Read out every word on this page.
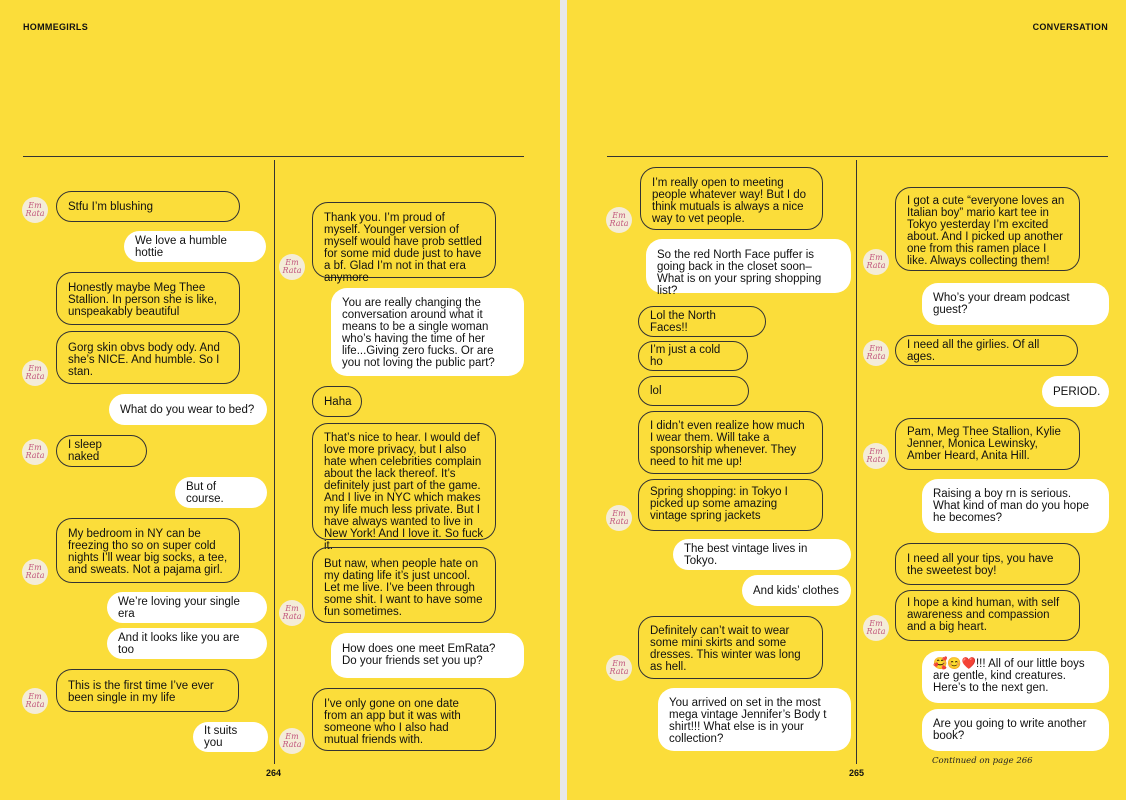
HOMMEGIRLS
Em
Rata
Stfu I’m blushing
We love a humble hottie
Honestly maybe Meg Thee Stallion. In person she is like, unspeakably beautiful
Em
Rata
Gorg skin obvs body ody. And she’s NICE. And humble. So I stan.
What do you wear to bed?
Em
Rata
I sleep naked
But of course.
Em
Rata
My bedroom in NY can be freezing tho so on super cold nights I’ll wear big socks, a tee, and sweats. Not a pajama girl.
We’re loving your single era
And it looks like you are too
Em
Rata
This is the first time I’ve ever been single in my life
It suits you
Em
Rata
Thank you. I’m proud of myself. Younger version of myself would have prob settled for some mid dude just to have a bf. Glad I’m not in that era anymore
You are really changing the conversation around what it means to be a single woman who’s having the time of her life...Giving zero fucks. Or are you not loving the public part?
Haha
That’s nice to hear. I would def love more privacy, but I also hate when celebrities complain about the lack thereof. It’s definitely just part of the game. And I live in NYC which makes my life much less private. But I have always wanted to live in New York! And I love it. So fuck it.
Em
Rata
But naw, when people hate on my dating life it’s just uncool. Let me live. I’ve been through some shit. I want to have some fun sometimes.
How does one meet EmRata? Do your friends set you up?
Em
Rata
I’ve only gone on one date from an app but it was with someone who I also had mutual friends with.
264
CONVERSATION
Em
Rata
I’m really open to meeting people whatever way! But I do think mutuals is always a nice way to vet people.
So the red North Face puffer is going back in the closet soon– What is on your spring shopping list?
Lol the North Faces!!
I’m just a cold ho
lol
I didn’t even realize how much I wear them. Will take a sponsorship whenever. They need to hit me up!
Em
Rata
Spring shopping: in Tokyo I picked up some amazing vintage spring jackets
The best vintage lives in Tokyo.
And kids’ clothes
Em
Rata
Definitely can’t wait to wear some mini skirts and some dresses. This winter was long as hell.
You arrived on set in the most mega vintage Jennifer’s Body t shirt!!! What else is in your collection?
Em
Rata
I got a cute “everyone loves an Italian boy” mario kart tee in Tokyo yesterday I’m excited about. And I picked up another one from this ramen place I like. Always collecting them!
Who’s your dream podcast guest?
Em
Rata
I need all the girlies. Of all ages.
PERIOD.
Em
Rata
Pam, Meg Thee Stallion, Kylie Jenner, Monica Lewinsky, Amber Heard, Anita Hill.
Raising a boy rn is serious. What kind of man do you hope he becomes?
I need all your tips, you have the sweetest boy!
Em
Rata
I hope a kind human, with self awareness and compassion and a big heart.
🥰😊❤️!!! All of our little boys are gentle, kind creatures. Here’s to the next gen.
Are you going to write another book?
Continued on page 266
265
